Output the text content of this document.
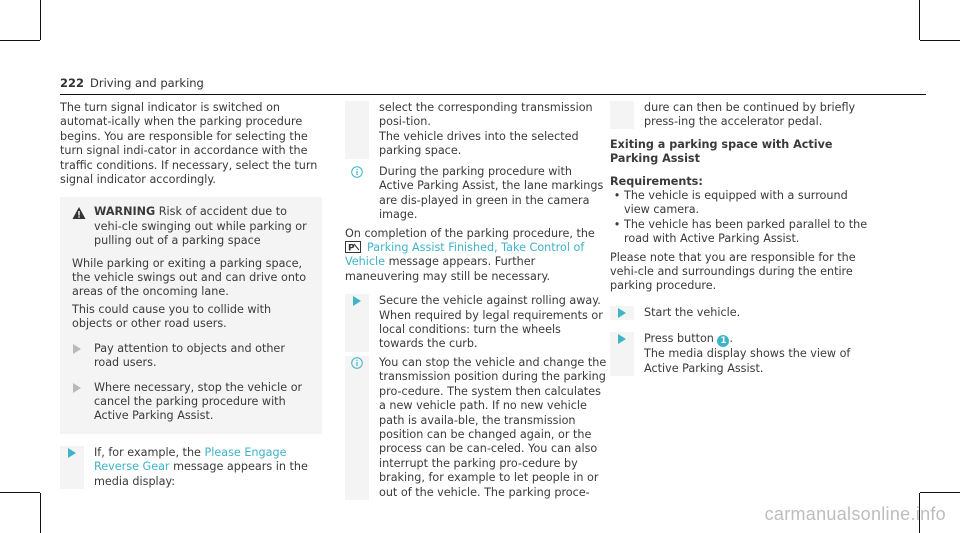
222 Driving and parking

The turn signal indicator is switched on automat-ically when the parking procedure begins. You are responsible for selecting the turn signal indi-cator in accordance with the traffic conditions. If necessary, select the turn signal indicator accordingly.

WARNING Risk of accident due to vehi-cle swinging out while parking or pulling out of a parking space

While parking or exiting a parking space, the vehicle swings out and can drive onto areas of the oncoming lane.

This could cause you to collide with objects or other road users.

Pay attention to objects and other road users.

Where necessary, stop the vehicle or cancel the parking procedure with Active Parking Assist.

If, for example, the Please Engage Reverse Gear message appears in the media display:

select the corresponding transmission posi-tion.

The vehicle drives into the selected parking space.

During the parking procedure with Active Parking Assist, the lane markings are dis-played in green in the camera image.

On completion of the parking procedure, the

P Parking Assist Finished, Take Control of Vehicle message appears. Further maneuvering may still be necessary.

Secure the vehicle against rolling away.

When required by legal requirements or local conditions: turn the wheels towards the curb.

You can stop the vehicle and change the transmission position during the parking pro-cedure. The system then calculates a new vehicle path. If no new vehicle path is availa-ble, the transmission position can be changed again, or the process can be can-celed. You can also interrupt the parking pro-cedure by braking, for example to let people in or out of the vehicle. The parking proce-

dure can then be continued by briefly press-ing the accelerator pedal.

Exiting a parking space with Active Parking Assist

Requirements:

• The vehicle is equipped with a surround view camera.

• The vehicle has been parked parallel to the road with Active Parking Assist.

Please note that you are responsible for the vehi-cle and surroundings during the entire parking procedure.

Start the vehicle.

Press button 1 .

The media display shows the view of Active Parking Assist.

carmanualsonline.info
